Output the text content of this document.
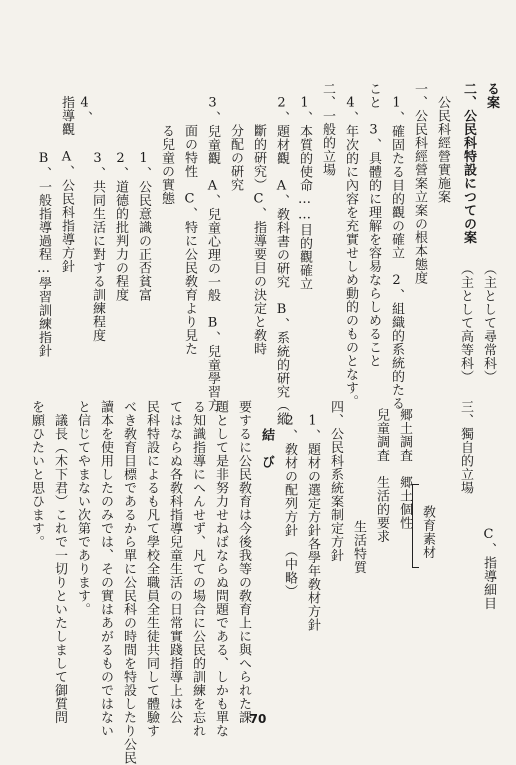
る案
二、公民科特設につての案
（主として尋常科）
（主として高等科）
　公民科經營實施案
一、公民科經營案立案の根本態度
　1、確固たる目的觀の確立　2、組織的系統的たる
こと　3、具體的に理解を容易ならしめること
　4、年次的に內容を充實せしめ動的のものとなす。
二、一般的立場
　1、本質的使命……目的觀確立
　2、題材觀　A、敎科書の硏究　B、系統的硏究（縱
斷的硏究）C、指導要目の決定と敎時
分配の硏究
　3、兒童觀　A、兒童心理の一般　B、兒童學習方
面の特性　C、特に公民敎育より見た
る兒童の實態
　　1、公民意識の正否貧富
　　2、道德的批判力の程度
　　3、共同生活に對する訓練程度
　4、
　指導觀　A、公民科指導方針
　　B、一般指導過程…學習訓練指針
　　C、指導細目
三、獨自的立場
敎育素材
郷土調査　郷土個性
兒童調査　生活的要求
　　生活特質
四、公民科系統案制定方針
　1、題材の選定方針各學年敎材方針
　2、敎材の配列方針　（中略）
結　び
要するに公民敎育は今後我等の敎育上に與へられた課
題として是非努力せねばならぬ問題である、しかも單な
る知識指導にへんせず、凡ての場合に公民的訓練を忘れ
てはならぬ各敎科指導兒童生活の日常實踐指導上は公
民科特設によるも凡て學校全職員全生徒共同して體驗す
べき敎育目標であるから單に公民科の時間を特設したり公民
讀本を使用したのみでは、その實はあがるものではない
と信じてやまない次第であります。
　議長（木下君）これで一切りといたしまして御質問
を願ひたいと思ひます。
70
